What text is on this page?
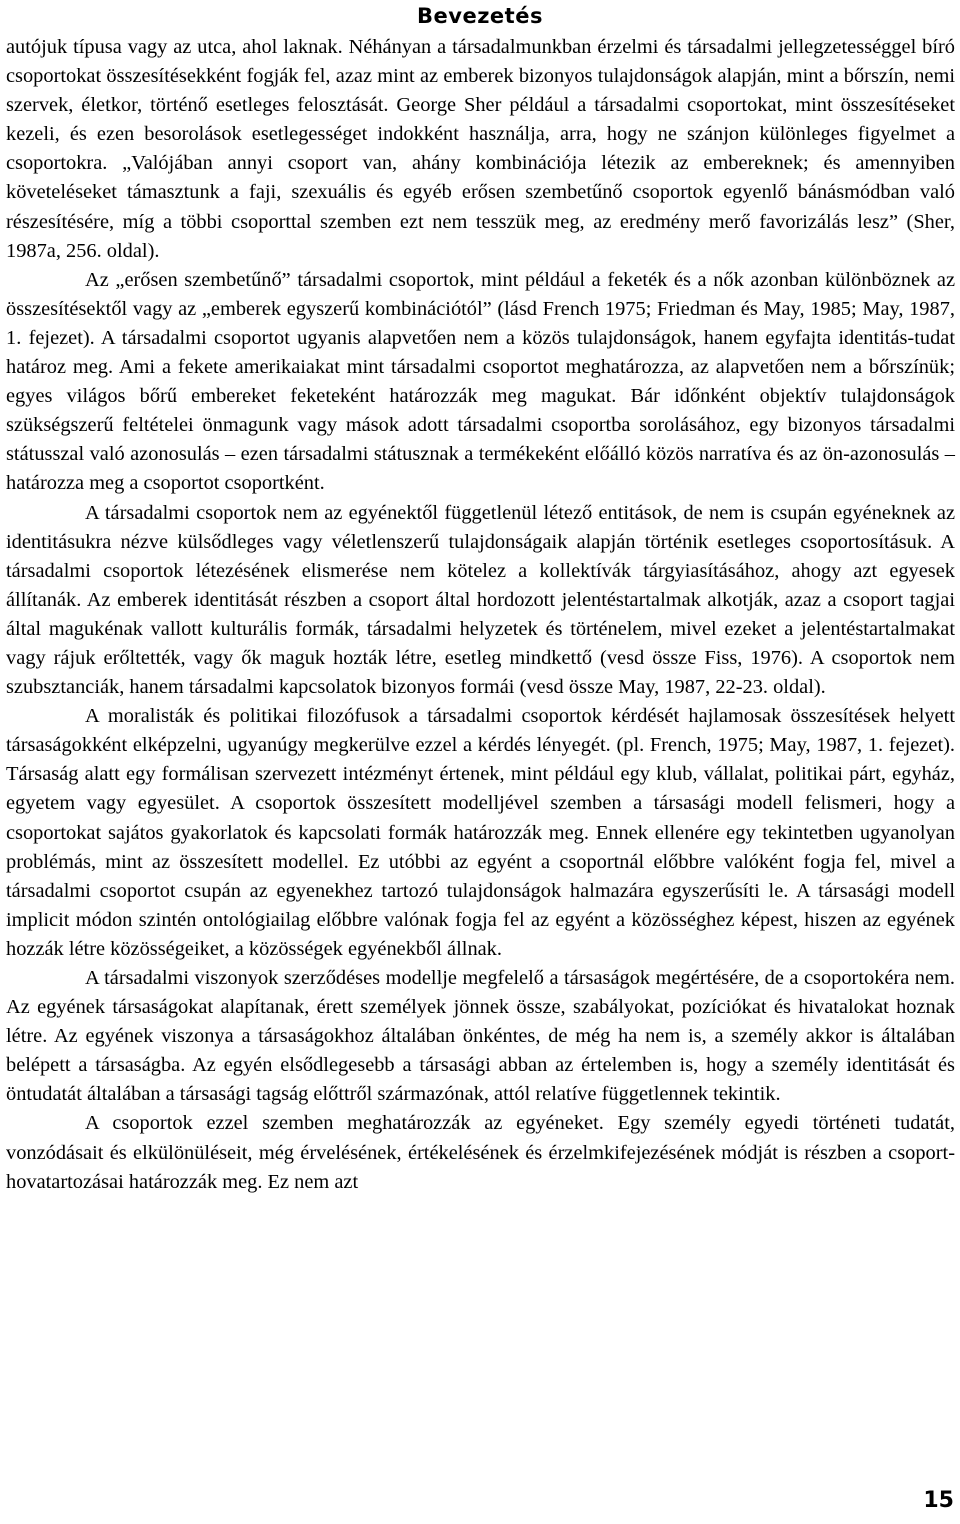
Bevezetés

autójuk típusa vagy az utca, ahol laknak. Néhányan a társadalmunkban érzelmi és társadalmi jellegzetességgel bíró csoportokat összesítésekként fogják fel, azaz mint az emberek bizonyos tulajdonságok alapján, mint a bőrszín, nemi szervek, életkor, történő esetleges felosztását. George Sher például a társadalmi csoportokat, mint összesítéseket kezeli, és ezen besorolások esetlegességet indokként használja, arra, hogy ne szánjon különleges figyelmet a csoportokra. „Valójában annyi csoport van, ahány kombinációja létezik az embereknek; és amennyiben követeléseket támasztunk a faji, szexuális és egyéb erősen szembetűnő csoportok egyenlő bánásmódban való részesítésére, míg a többi csoporttal szemben ezt nem tesszük meg, az eredmény merő favorizálás lesz” (Sher, 1987a, 256. oldal).

Az „erősen szembetűnő” társadalmi csoportok, mint például a feketék és a nők azonban különböznek az összesítésektől vagy az „emberek egyszerű kombinációtól” (lásd French 1975; Friedman és May, 1985; May, 1987, 1. fejezet). A társadalmi csoportot ugyanis alapvetően nem a közös tulajdonságok, hanem egyfajta identitás-tudat határoz meg. Ami a fekete amerikaiakat mint társadalmi csoportot meghatározza, az alapvetően nem a bőrszínük; egyes világos bőrű embereket feketeként határozzák meg magukat. Bár időnként objektív tulajdonságok szükségszerű feltételei önmagunk vagy mások adott társadalmi csoportba sorolásához, egy bizonyos társadalmi státusszal való azonosulás – ezen társadalmi státusznak a termékeként előálló közös narratíva és az ön-azonosulás – határozza meg a csoportot csoportként.

A társadalmi csoportok nem az egyénektől függetlenül létező entitások, de nem is csupán egyéneknek az identitásukra nézve külsődleges vagy véletlenszerű tulajdonságaik alapján történik esetleges csoportosításuk. A társadalmi csoportok létezésének elismerése nem kötelez a kollektívák tárgyiasításához, ahogy azt egyesek állítanák. Az emberek identitását részben a csoport által hordozott jelentéstartalmak alkotják, azaz a csoport tagjai által magukénak vallott kulturális formák, társadalmi helyzetek és történelem, mivel ezeket a jelentéstartalmakat vagy rájuk erőltették, vagy ők maguk hozták létre, esetleg mindkettő (vesd össze Fiss, 1976). A csoportok nem szubsztanciák, hanem társadalmi kapcsolatok bizonyos formái (vesd össze May, 1987, 22-23. oldal).

A moralisták és politikai filozófusok a társadalmi csoportok kérdését hajlamosak összesítések helyett társaságokként elképzelni, ugyanúgy megkerülve ezzel a kérdés lényegét. (pl. French, 1975; May, 1987, 1. fejezet). Társaság alatt egy formálisan szervezett intézményt értenek, mint például egy klub, vállalat, politikai párt, egyház, egyetem vagy egyesület. A csoportok összesített modelljével szemben a társasági modell felismeri, hogy a csoportokat sajátos gyakorlatok és kapcsolati formák határozzák meg. Ennek ellenére egy tekintetben ugyanolyan problémás, mint az összesített modellel. Ez utóbbi az egyént a csoportnál előbbre valóként fogja fel, mivel a társadalmi csoportot csupán az egyenekhez tartozó tulajdonságok halmazára egyszerűsíti le. A társasági modell implicit módon szintén ontológiailag előbbre valónak fogja fel az egyént a közösséghez képest, hiszen az egyének hozzák létre közösségeiket, a közösségek egyénekből állnak.

A társadalmi viszonyok szerződéses modellje megfelelő a társaságok megértésére, de a csoportokéra nem. Az egyének társaságokat alapítanak, érett személyek jönnek össze, szabályokat, pozíciókat és hivatalokat hoznak létre. Az egyének viszonya a társaságokhoz általában önkéntes, de még ha nem is, a személy akkor is általában belépett a társaságba. Az egyén elsődlegesebb a társasági abban az értelemben is, hogy a személy identitását és öntudatát általában a társasági tagság előttről származónak, attól relatíve függetlennek tekintik.

A csoportok ezzel szemben meghatározzák az egyéneket. Egy személy egyedi történeti tudatát, vonzódásait és elkülönüléseit, még érvelésének, értékelésének és érzelmkifejezésének módját is részben a csoport-hovatartozásai határozzák meg. Ez nem azt

15
